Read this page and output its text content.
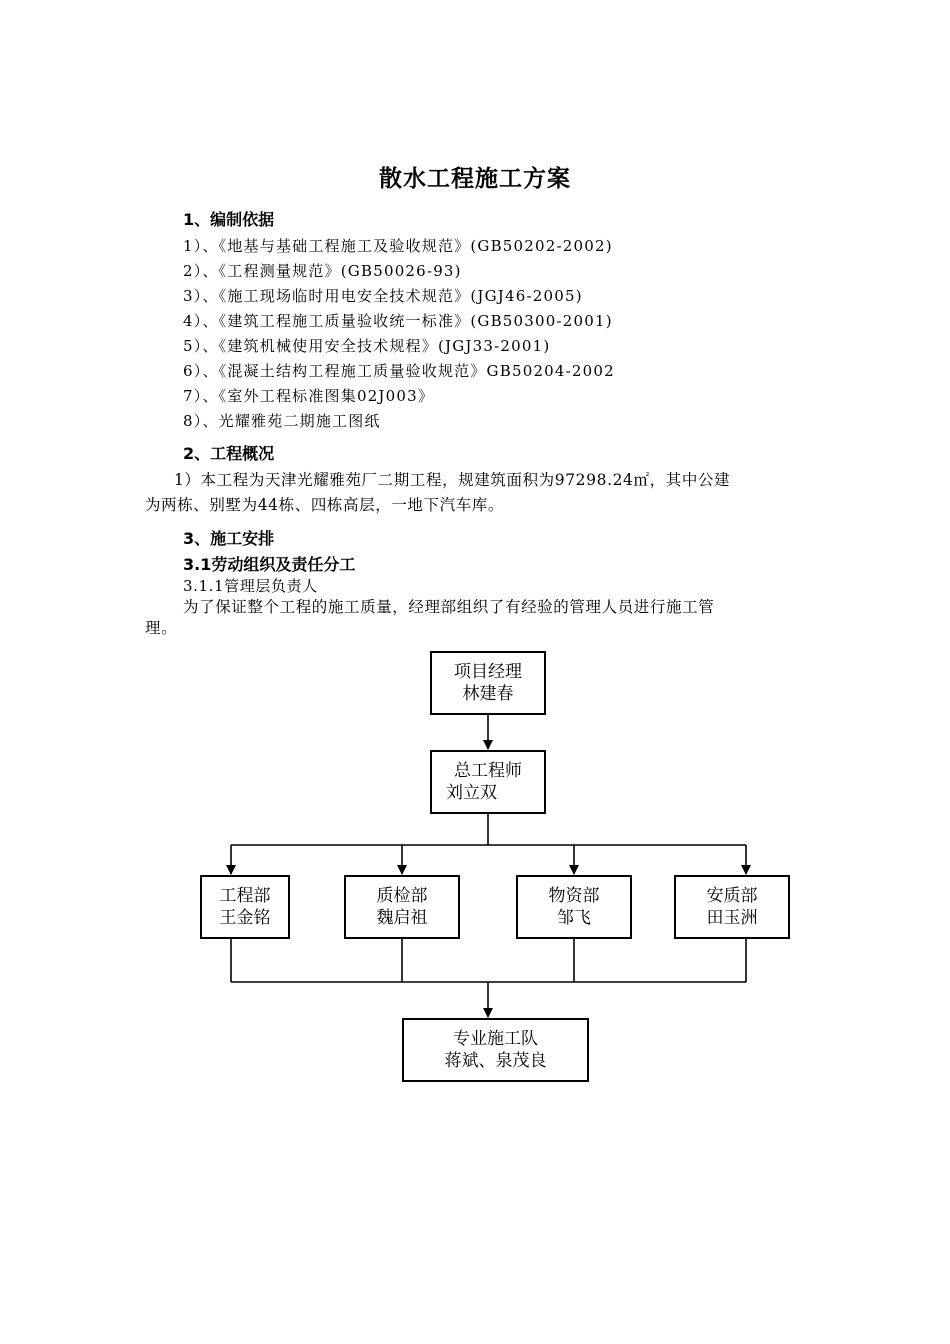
散水工程施工方案
1、编制依据
1）、《地基与基础工程施工及验收规范》(GB50202-2002)
2）、《工程测量规范》(GB50026-93)
3）、《施工现场临时用电安全技术规范》(JGJ46-2005)
4）、《建筑工程施工质量验收统一标准》(GB50300-2001)
5）、《建筑机械使用安全技术规程》(JGJ33-2001)
6）、《混凝土结构工程施工质量验收规范》GB50204-2002
7）、《室外工程标准图集02J003》
8）、光耀雅苑二期施工图纸
2、工程概况
1）本工程为天津光耀雅苑厂二期工程，规建筑面积为97298.24㎡，其中公建
为两栋、别墅为44栋、四栋高层，一地下汽车库。
3、施工安排
3.1劳动组织及责任分工
3.1.1管理层负责人
为了保证整个工程的施工质量，经理部组织了有经验的管理人员进行施工管
理。
项目经理
林建春
总工程师
刘立双
工程部
王金铭
质检部
魏启祖
物资部
邹飞
安质部
田玉洲
专业施工队
蒋斌、泉茂良
